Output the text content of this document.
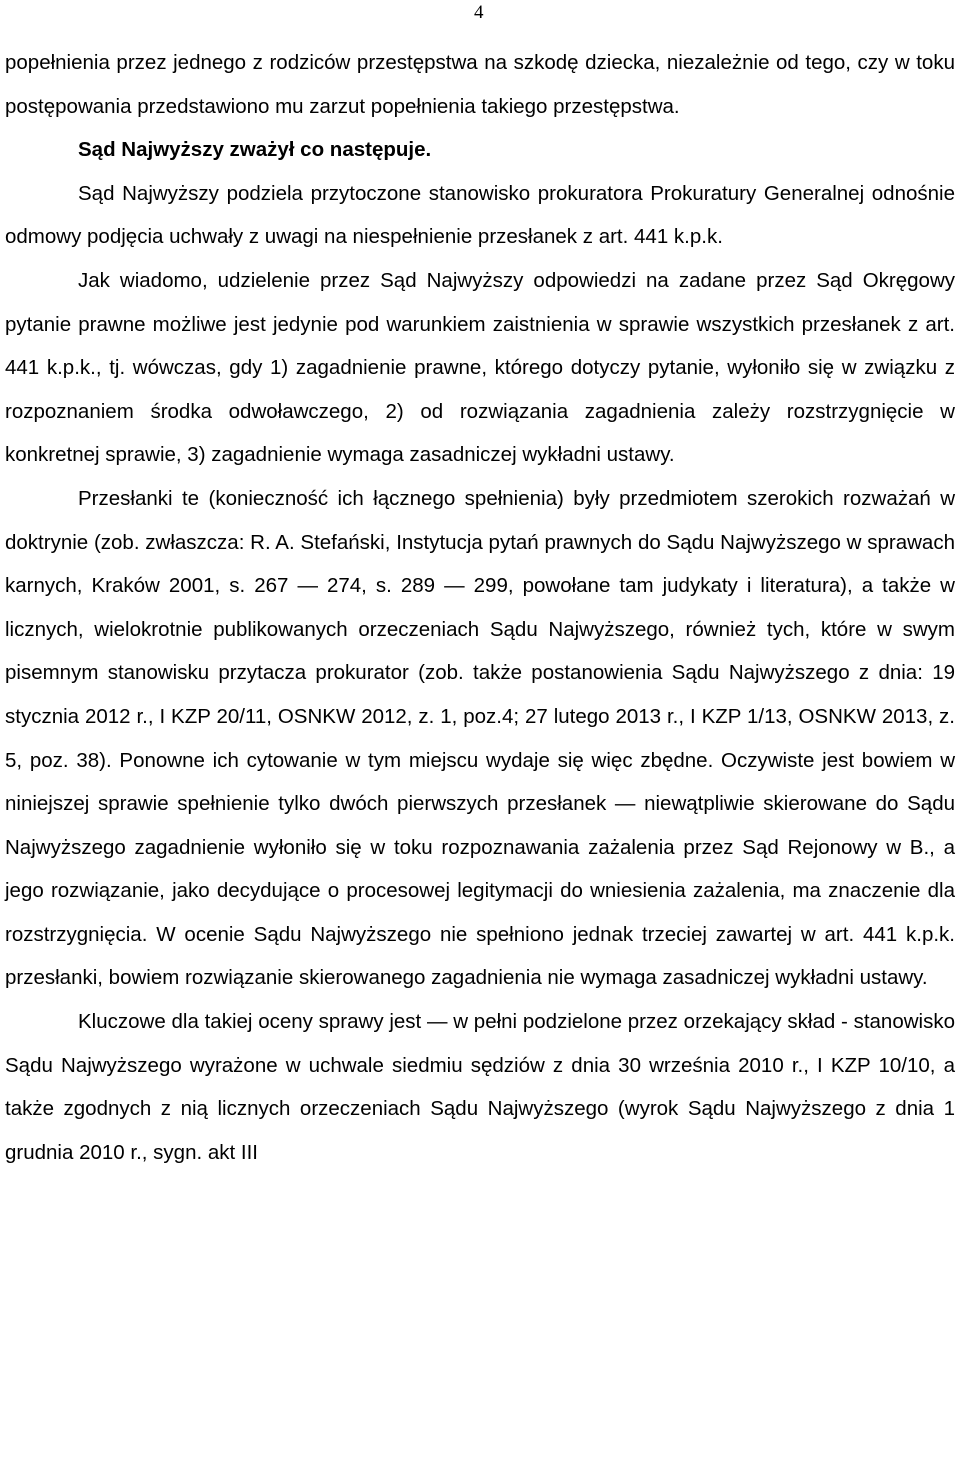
4

popełnienia przez jednego z rodziców przestępstwa na szkodę dziecka, niezależnie od tego, czy w toku postępowania przedstawiono mu zarzut popełnienia takiego przestępstwa.

Sąd Najwyższy zważył co następuje.

Sąd Najwyższy podziela przytoczone stanowisko prokuratora Prokuratury Generalnej odnośnie odmowy podjęcia uchwały z uwagi na niespełnienie przesłanek z art. 441 k.p.k.

Jak wiadomo, udzielenie przez Sąd Najwyższy odpowiedzi na zadane przez Sąd Okręgowy pytanie prawne możliwe jest jedynie pod warunkiem zaistnienia w sprawie wszystkich przesłanek z art. 441 k.p.k., tj. wówczas, gdy 1) zagadnienie prawne, którego dotyczy pytanie, wyłoniło się w związku z rozpoznaniem środka odwoławczego, 2) od rozwiązania zagadnienia zależy rozstrzygnięcie w konkretnej sprawie, 3) zagadnienie wymaga zasadniczej wykładni ustawy.

Przesłanki te (konieczność ich łącznego spełnienia) były przedmiotem szerokich rozważań w doktrynie (zob. zwłaszcza: R. A. Stefański, Instytucja pytań prawnych do Sądu Najwyższego w sprawach karnych, Kraków 2001, s. 267 — 274, s. 289 — 299, powołane tam judykaty i literatura), a także w licznych, wielokrotnie publikowanych orzeczeniach Sądu Najwyższego, również tych, które w swym pisemnym stanowisku przytacza prokurator (zob. także postanowienia Sądu Najwyższego z dnia: 19 stycznia 2012 r., I KZP 20/11, OSNKW 2012, z. 1, poz.4; 27 lutego 2013 r., I KZP 1/13, OSNKW 2013, z. 5, poz. 38). Ponowne ich cytowanie w tym miejscu wydaje się więc zbędne. Oczywiste jest bowiem w niniejszej sprawie spełnienie tylko dwóch pierwszych przesłanek — niewątpliwie skierowane do Sądu Najwyższego zagadnienie wyłoniło się w toku rozpoznawania zażalenia przez Sąd Rejonowy w B., a jego rozwiązanie, jako decydujące o procesowej legitymacji do wniesienia zażalenia, ma znaczenie dla rozstrzygnięcia. W ocenie Sądu Najwyższego nie spełniono jednak trzeciej zawartej w art. 441 k.p.k. przesłanki, bowiem rozwiązanie skierowanego zagadnienia nie wymaga zasadniczej wykładni ustawy.

Kluczowe dla takiej oceny sprawy jest — w pełni podzielone przez orzekający skład - stanowisko Sądu Najwyższego wyrażone w uchwale siedmiu sędziów z dnia 30 września 2010 r., I KZP 10/10, a także zgodnych z nią licznych orzeczeniach Sądu Najwyższego (wyrok Sądu Najwyższego z dnia 1 grudnia 2010 r., sygn. akt III
